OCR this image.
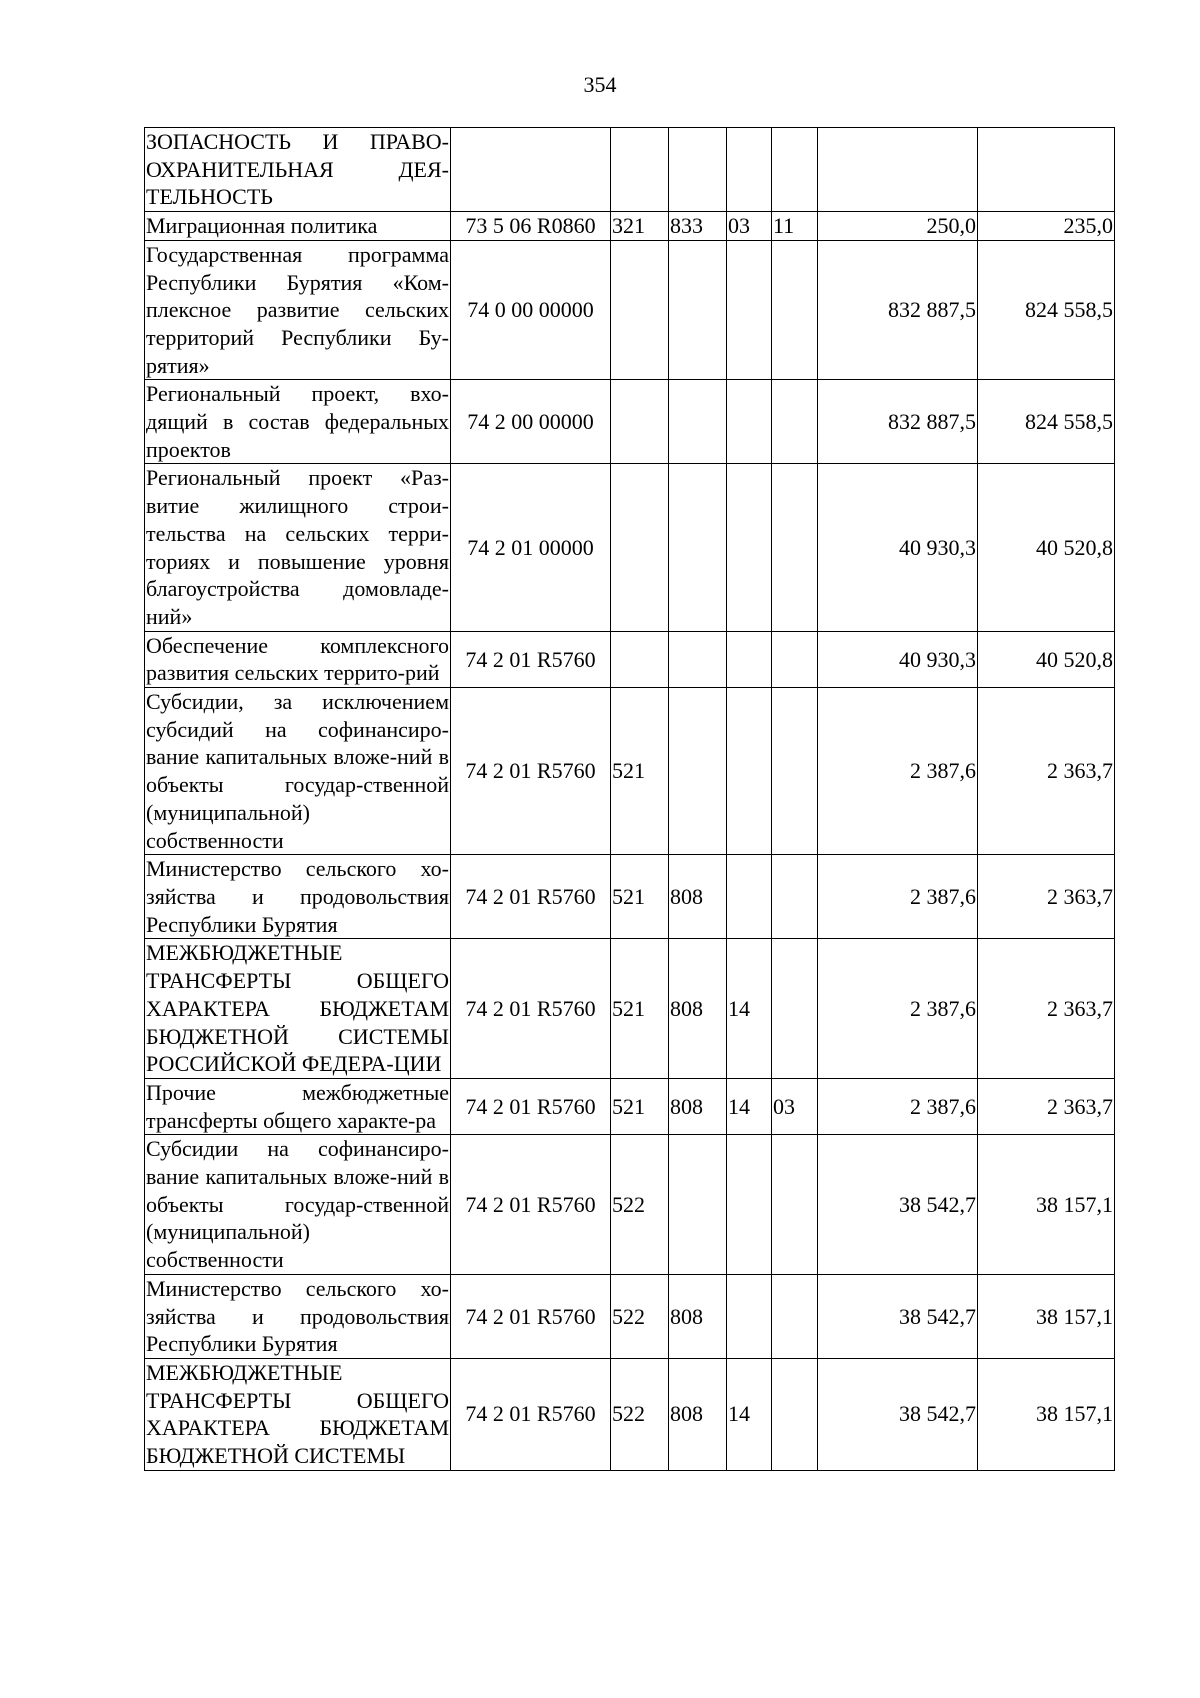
354
ЗОПАСНОСТЬ И ПРАВО-ОХРАНИТЕЛЬНАЯ ДЕЯ-ТЕЛЬНОСТЬ							
Миграционная политика	73 5 06 R0860	321	833	03	11	250,0	235,0
Государственная программа Республики Бурятия «Ком-плексное развитие сельских территорий Республики Бу-рятия»	74 0 00 00000					832 887,5	824 558,5
Региональный проект, вхо-дящий в состав федеральных проектов	74 2 00 00000					832 887,5	824 558,5
Региональный проект «Раз-витие жилищного строи-тельства на сельских терри-ториях и повышение уровня благоустройства домовладе-ний»	74 2 01 00000					40 930,3	40 520,8
Обеспечение комплексного развития сельских террито-рий	74 2 01 R5760					40 930,3	40 520,8
Субсидии, за исключением субсидий на софинансиро-вание капитальных вложе-ний в объекты государ-ственной (муниципальной) собственности	74 2 01 R5760	521				2 387,6	2 363,7
Министерство сельского хо-зяйства и продовольствия Республики Бурятия	74 2 01 R5760	521	808			2 387,6	2 363,7
МЕЖБЮДЖЕТНЫЕ ТРАНСФЕРТЫ ОБЩЕГО ХАРАКТЕРА БЮДЖЕТАМ БЮДЖЕТНОЙ СИСТЕМЫ РОССИЙСКОЙ ФЕДЕРА-ЦИИ	74 2 01 R5760	521	808	14		2 387,6	2 363,7
Прочие межбюджетные трансферты общего характе-ра	74 2 01 R5760	521	808	14	03	2 387,6	2 363,7
Субсидии на софинансиро-вание капитальных вложе-ний в объекты государ-ственной (муниципальной) собственности	74 2 01 R5760	522				38 542,7	38 157,1
Министерство сельского хо-зяйства и продовольствия Республики Бурятия	74 2 01 R5760	522	808			38 542,7	38 157,1
МЕЖБЮДЖЕТНЫЕ ТРАНСФЕРТЫ ОБЩЕГО ХАРАКТЕРА БЮДЖЕТАМ БЮДЖЕТНОЙ СИСТЕМЫ	74 2 01 R5760	522	808	14		38 542,7	38 157,1
